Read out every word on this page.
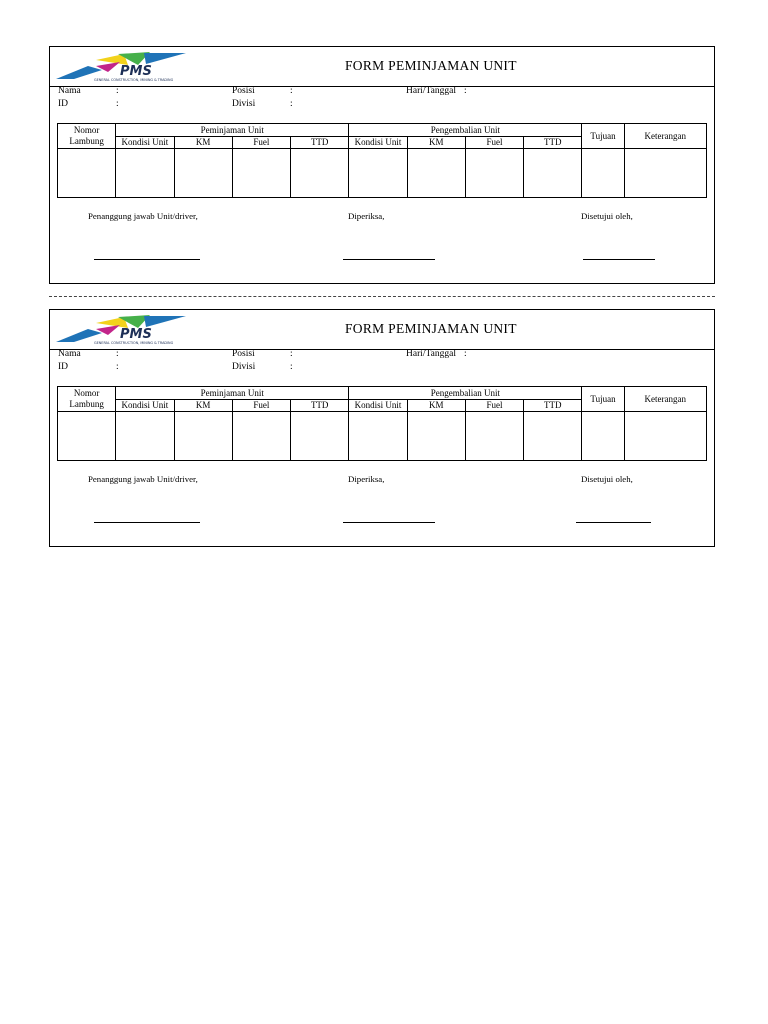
PMS
GENERAL CONSTRUCTION, MINING & TRADING
FORM PEMINJAMAN UNIT
Nama	:
ID	:
Posisi	:
Divisi	:
Hari/Tanggal :
Nomor
Lambung	Peminjaman Unit				Pengembalian Unit				Tujuan	Keterangan
	Kondisi Unit	KM	Fuel	TTD	Kondisi Unit	KM	Fuel	TTD		

Penanggung jawab Unit/driver,	Diperiksa,	Disetujui oleh,
PMS
GENERAL CONSTRUCTION, MINING & TRADING
FORM PEMINJAMAN UNIT
Nama	:
ID	:
Posisi	:
Divisi	:
Hari/Tanggal :
Nomor
Lambung	Peminjaman Unit				Pengembalian Unit				Tujuan	Keterangan
	Kondisi Unit	KM	Fuel	TTD	Kondisi Unit	KM	Fuel	TTD		

Penanggung jawab Unit/driver,	Diperiksa,	Disetujui oleh,
